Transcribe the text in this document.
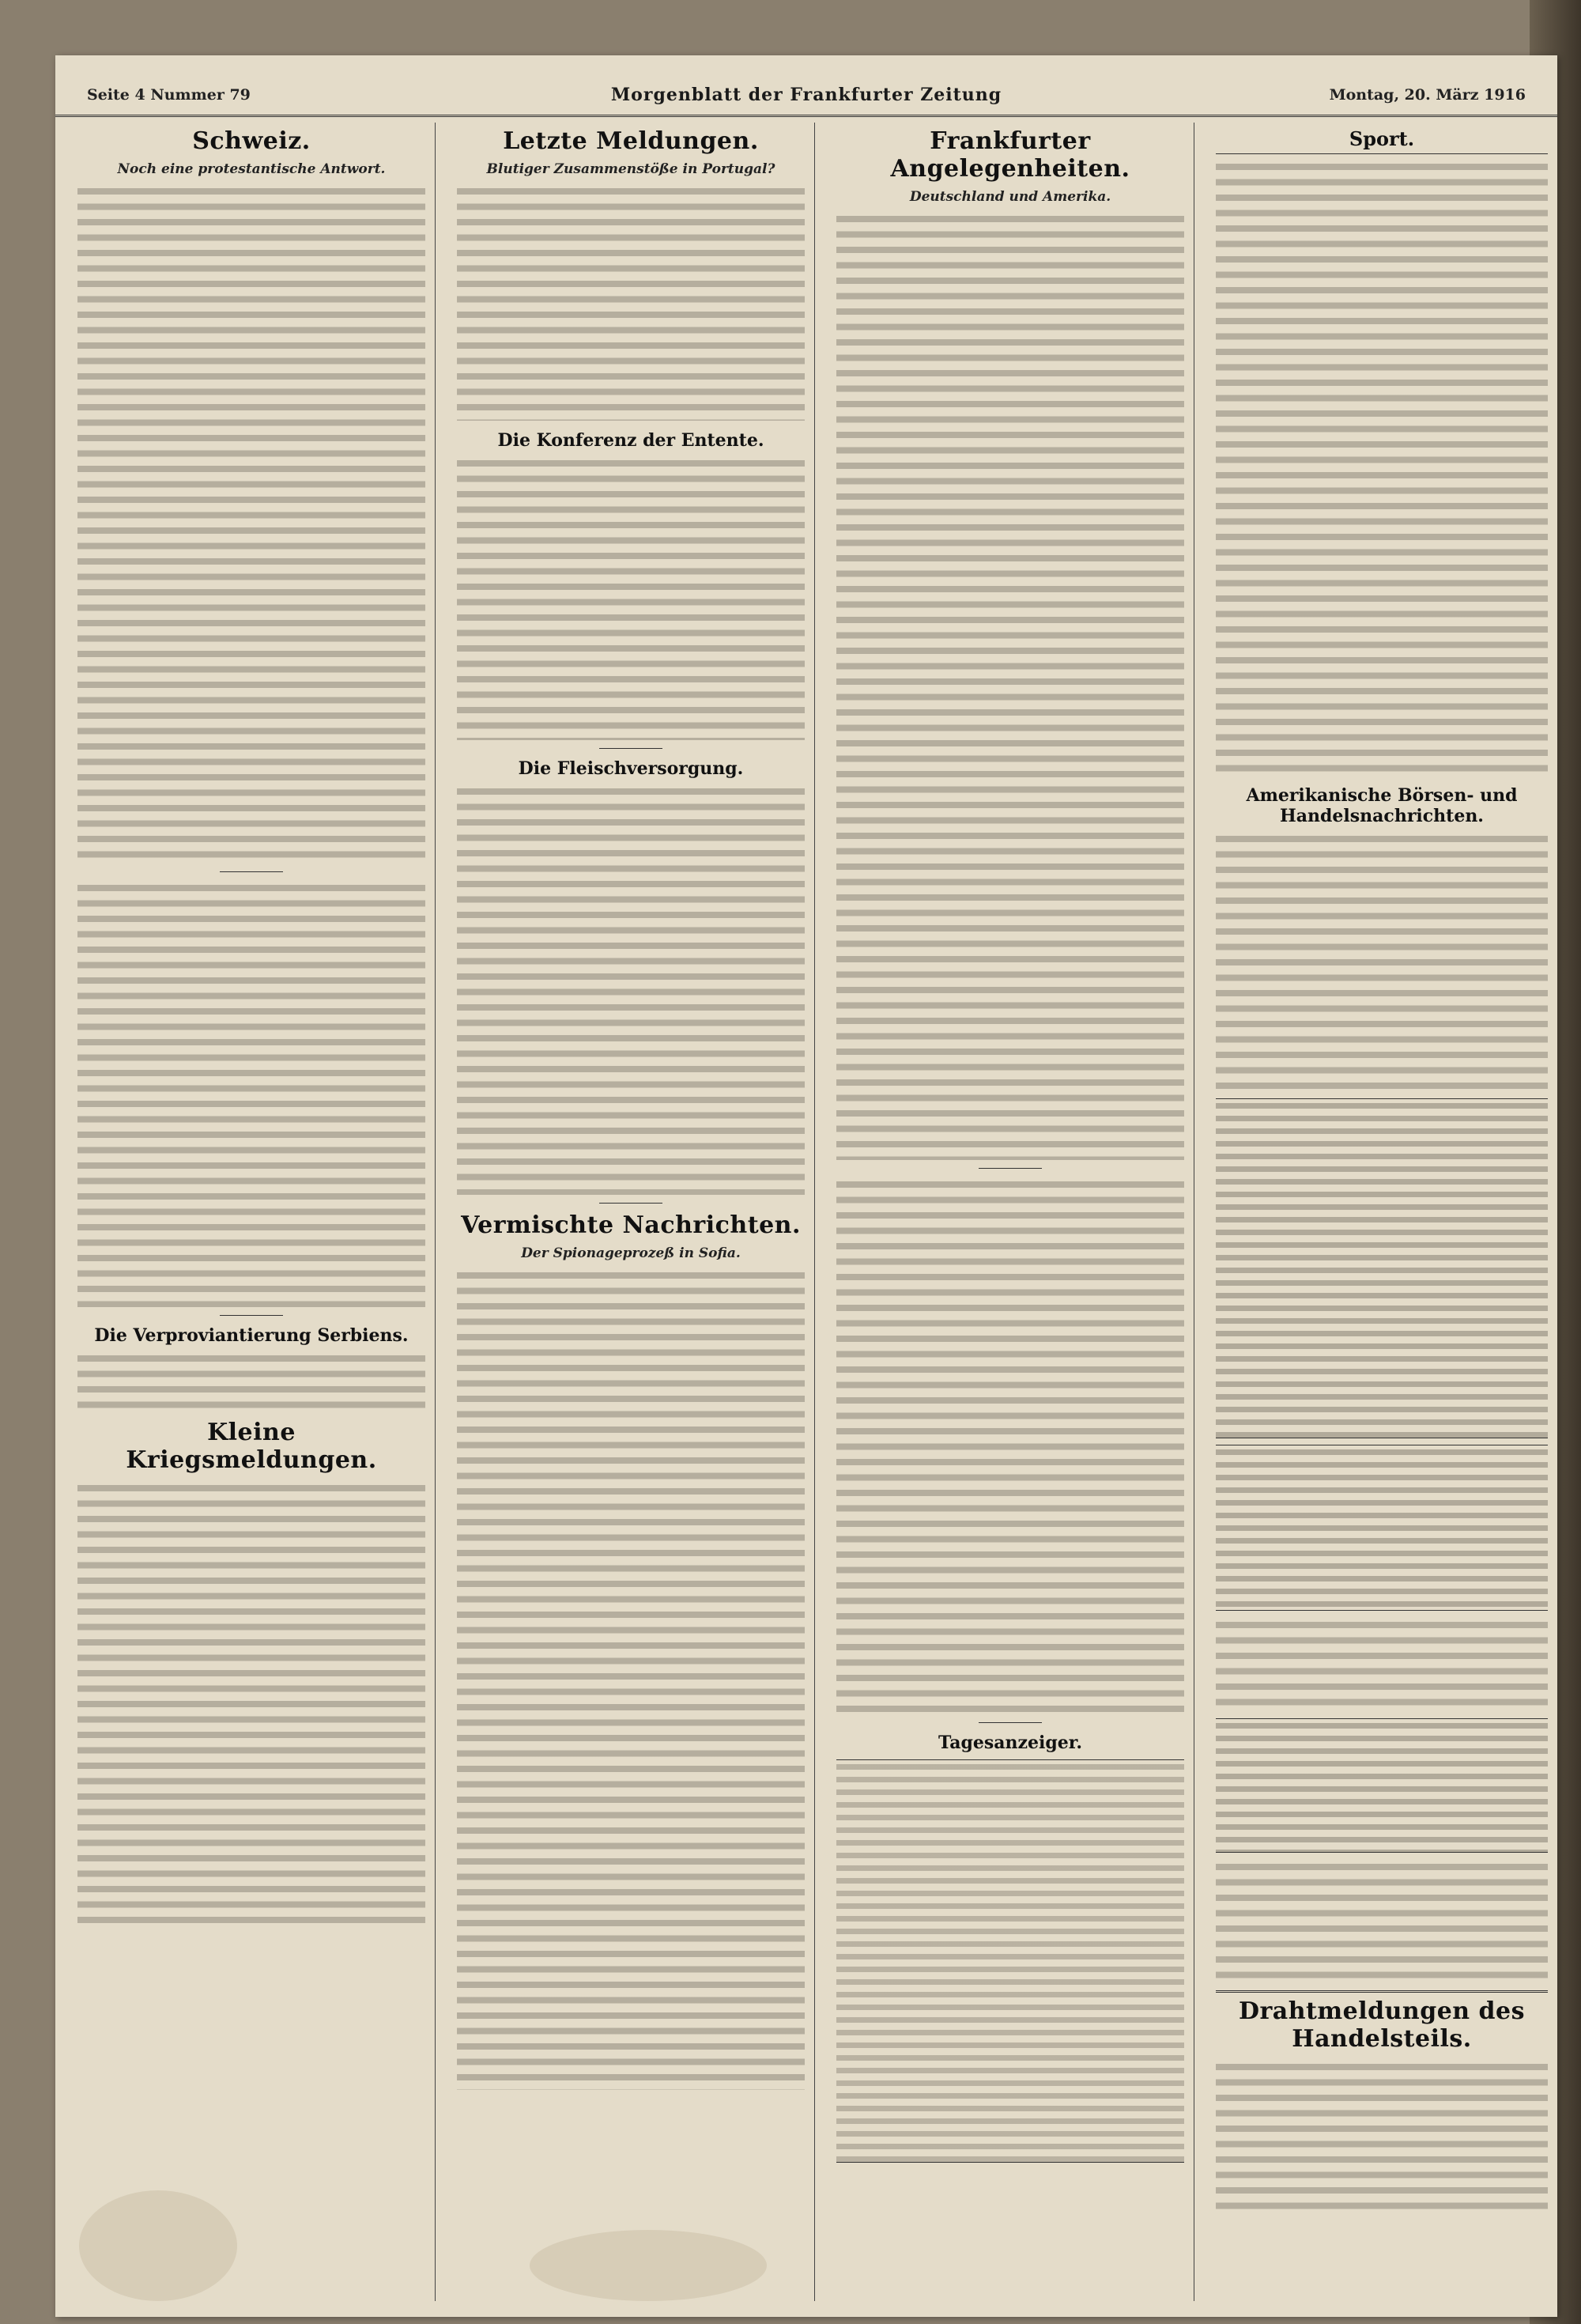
Seite 4 Nummer 79	Morgenblatt der Frankfurter Zeitung	Montag, 20. März 1916
Schweiz.
Noch eine protestantische Antwort.
Die Verproviantierung Serbiens.
Kleine Kriegsmeldungen.
Letzte Meldungen.
Blutiger Zusammenstöße in Portugal?
Die Konferenz der Entente.
Die Fleischversorgung.
Vermischte Nachrichten.
Der Spionageprozeß in Sofia.
Frankfurter Angelegenheiten.
Deutschland und Amerika.
Tagesanzeiger.
Sport.
Amerikanische Börsen- und Handelsnachrichten.
Drahtmeldungen des Handelsteils.
